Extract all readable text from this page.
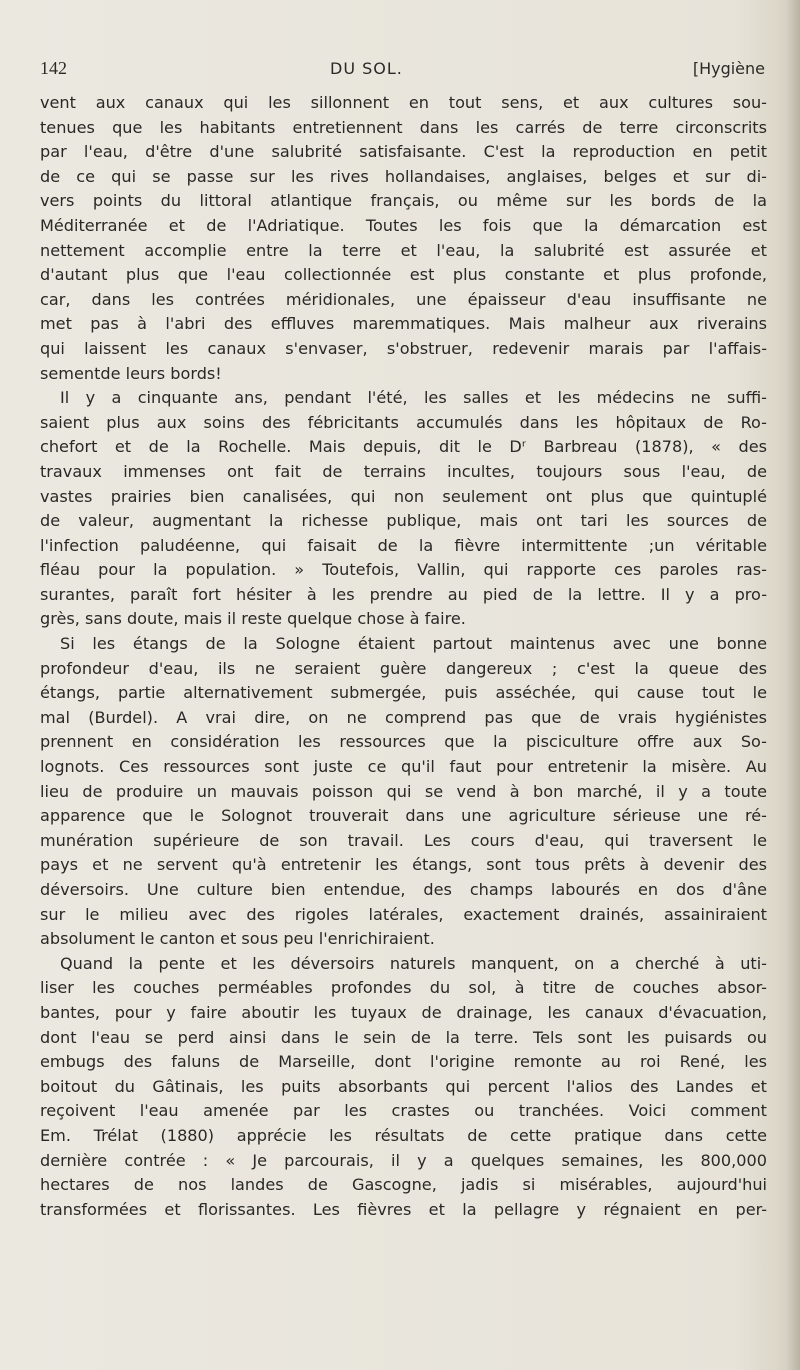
142	DU SOL.	[Hygiène

vent aux canaux qui les sillonnent en tout sens, et aux cultures sou-

tenues que les habitants entretiennent dans les carrés de terre circonscrits

par l'eau, d'être d'une salubrité satisfaisante. C'est la reproduction en petit

de ce qui se passe sur les rives hollandaises, anglaises, belges et sur di-

vers points du littoral atlantique français, ou même sur les bords de la

Méditerranée et de l'Adriatique. Toutes les fois que la démarcation est

nettement accomplie entre la terre et l'eau, la salubrité est assurée et

d'autant plus que l'eau collectionnée est plus constante et plus profonde,

car, dans les contrées méridionales, une épaisseur d'eau insuffisante ne

met pas à l'abri des effluves maremmatiques. Mais malheur aux riverains

qui laissent les canaux s'envaser, s'obstruer, redevenir marais par l'affais-

sementde leurs bords!

Il y a cinquante ans, pendant l'été, les salles et les médecins ne suffi-

saient plus aux soins des fébricitants accumulés dans les hôpitaux de Ro-

chefort et de la Rochelle. Mais depuis, dit le Dʳ Barbreau (1878), « des

travaux immenses ont fait de terrains incultes, toujours sous l'eau, de

vastes prairies bien canalisées, qui non seulement ont plus que quintuplé

de valeur, augmentant la richesse publique, mais ont tari les sources de

l'infection paludéenne, qui faisait de la fièvre intermittente ;un véritable

fléau pour la population. » Toutefois, Vallin, qui rapporte ces paroles ras-

surantes, paraît fort hésiter à les prendre au pied de la lettre. Il y a pro-

grès, sans doute, mais il reste quelque chose à faire.

Si les étangs de la Sologne étaient partout maintenus avec une bonne

profondeur d'eau, ils ne seraient guère dangereux ; c'est la queue des

étangs, partie alternativement submergée, puis asséchée, qui cause tout le

mal (Burdel). A vrai dire, on ne comprend pas que de vrais hygiénistes

prennent en considération les ressources que la pisciculture offre aux So-

lognots. Ces ressources sont juste ce qu'il faut pour entretenir la misère. Au

lieu de produire un mauvais poisson qui se vend à bon marché, il y a toute

apparence que le Solognot trouverait dans une agriculture sérieuse une ré-

munération supérieure de son travail. Les cours d'eau, qui traversent le

pays et ne servent qu'à entretenir les étangs, sont tous prêts à devenir des

déversoirs. Une culture bien entendue, des champs labourés en dos d'âne

sur le milieu avec des rigoles latérales, exactement drainés, assainiraient

absolument le canton et sous peu l'enrichiraient.

Quand la pente et les déversoirs naturels manquent, on a cherché à uti-

liser les couches perméables profondes du sol, à titre de couches absor-

bantes, pour y faire aboutir les tuyaux de drainage, les canaux d'évacuation,

dont l'eau se perd ainsi dans le sein de la terre. Tels sont les puisards ou

embugs des faluns de Marseille, dont l'origine remonte au roi René, les

boitout du Gâtinais, les puits absorbants qui percent l'alios des Landes et

reçoivent l'eau amenée par les crastes ou tranchées. Voici comment

Em. Trélat (1880) apprécie les résultats de cette pratique dans cette

dernière contrée : « Je parcourais, il y a quelques semaines, les 800,000

hectares de nos landes de Gascogne, jadis si misérables, aujourd'hui

transformées et florissantes. Les fièvres et la pellagre y régnaient en per-
